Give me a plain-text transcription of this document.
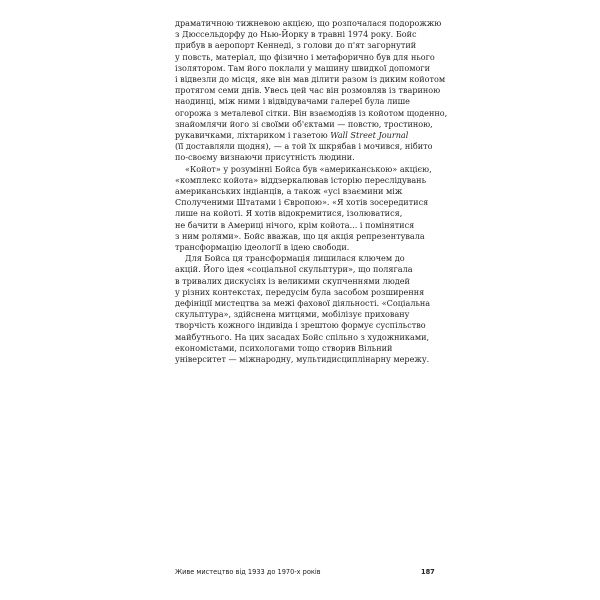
драматичною тижневою акцією, що розпочалася подорожжю
з Дюссельдорфу до Нью-Йорку в травні 1974 року. Бойс
прибув в аеропорт Кеннеді, з голови до п'ят загорнутий
у повсть, матеріал, що фізично і метафорично був для нього
ізолятором. Там його поклали у машину швидкої допомоги
і відвезли до місця, яке він мав ділити разом із диким койотом
протягом семи днів. Увесь цей час він розмовляв із твариною
наодинці, між ними і відвідувачами галереї була лише
огорожа з металевої сітки. Він взаємодіяв із койотом щоденно,
знайомлячи його зі своїми об'єктами — повстю, тростиною,
рукавичками, ліхтариком і газетою Wall Street Journal
(її доставляли щодня), — а той їх шкрябав і мочився, нібито
по-своєму визнаючи присутність людини.

«Койот» у розумінні Бойса був «американською» акцією,
«комплекс койота» віддзеркалював історію переслідувань
американських індіанців, а також «усі взаємини між
Сполученими Штатами і Європою». «Я хотів зосередитися
лише на койоті. Я хотів відокремитися, ізолюватися,
не бачити в Америці нічого, крім койота... і помінятися
з ним ролями». Бойс вважав, що ця акція репрезентувала
трансформацію ідеології в ідею свободи.

Для Бойса ця трансформація лишилася ключем до
акцій. Його ідея «соціальної скульптури», що полягала
в тривалих дискусіях із великими скупченнями людей
у різних контекстах, передусім була засобом розширення
дефініції мистецтва за межі фахової діяльності. «Соціальна
скульптура», здійснена митцями, мобілізує приховану
творчість кожного індивіда і зрештою формує суспільство
майбутнього. На цих засадах Бойс спільно з художниками,
економістами, психологами тощо створив Вільний
університет — міжнародну, мультидисциплінарну мережу.

Живе мистецтво від 1933 до 1970-х років	187
